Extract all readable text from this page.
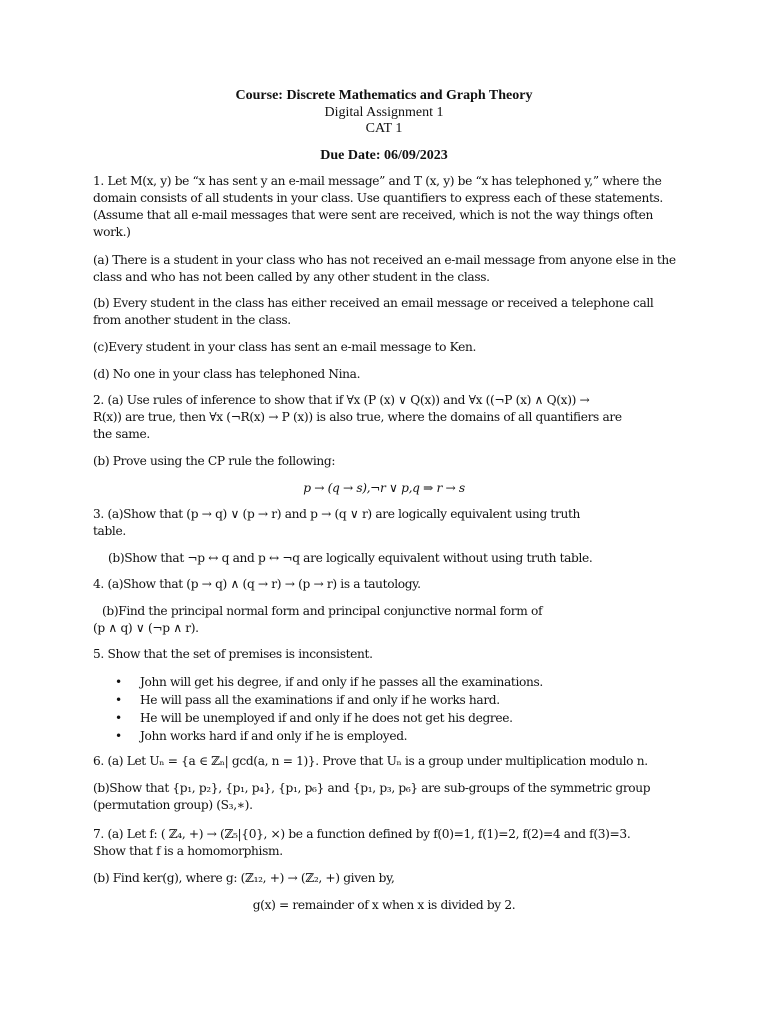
Course: Discrete Mathematics and Graph Theory
Digital Assignment 1
CAT 1
Due Date: 06/09/2023
1. Let M(x, y) be “x has sent y an e-mail message” and T (x, y) be “x has telephoned y,” where the domain consists of all students in your class. Use quantifiers to express each of these statements. (Assume that all e-mail messages that were sent are received, which is not the way things often work.)
(a) There is a student in your class who has not received an e-mail message from anyone else in the class and who has not been called by any other student in the class.
(b) Every student in the class has either received an email message or received a telephone call from another student in the class.
(c)Every student in your class has sent an e-mail message to Ken.
(d) No one in your class has telephoned Nina.
2. (a) Use rules of inference to show that if ∀x (P (x) ∨ Q(x)) and ∀x ((¬P (x) ∧ Q(x)) →
R(x)) are true, then ∀x (¬R(x) → P (x)) is also true, where the domains of all quantifiers are
the same.
(b) Prove using the CP rule the following:
p → (q → s),¬r ∨ p,q ⇒ r → s
3. (a)Show that (p → q) ∨ (p → r) and p → (q ∨ r) are logically equivalent using truth
table.
(b)Show that ¬p ↔ q and p ↔ ¬q are logically equivalent without using truth table.
4. (a)Show that (p → q) ∧ (q → r) → (p → r) is a tautology.
(b)Find the principal normal form and principal conjunctive normal form of
(p ∧ q) ∨ (¬p ∧ r).
5. Show that the set of premises is inconsistent.
• John will get his degree, if and only if he passes all the examinations.
• He will pass all the examinations if and only if he works hard.
• He will be unemployed if and only if he does not get his degree.
• John works hard if and only if he is employed.
6. (a) Let Uₙ = {a ∈ ℤₙ| gcd(a, n = 1)}. Prove that Uₙ is a group under multiplication modulo n.
(b)Show that {p₁, p₂}, {p₁, p₄}, {p₁, p₆} and {p₁, p₃, p₆} are sub-groups of the symmetric group
(permutation group) (S₃,∗).
7. (a) Let f: ( ℤ₄, +) → (ℤ₅|{0}, ×) be a function defined by f(0)=1, f(1)=2, f(2)=4 and f(3)=3.
Show that f is a homomorphism.
(b) Find ker(g), where g: (ℤ₁₂, +) → (ℤ₂, +) given by,
g(x) = remainder of x when x is divided by 2.
